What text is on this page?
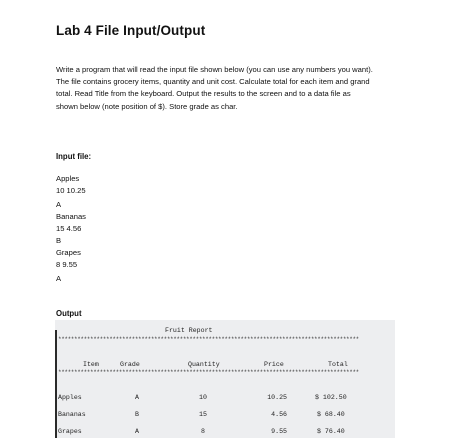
Lab 4 File Input/Output
Write a program that will read the input file shown below (you can use any numbers you want).
The file contains grocery items, quantity and unit cost. Calculate total for each item and grand
total. Read Title from the keyboard. Output the results to the screen and to a data file as
shown below (note position of $). Store grade as char.
Input file:
Apples
10 10.25
A
Bananas
15 4.56
B
Grapes
8 9.55
A
Output
Fruit Report
**********************************************************************************************
Item	Grade	Quantity	Price	Total
**********************************************************************************************
Apples	A	10	10.25	$ 102.50
Bananas	B	15	4.56	$ 68.40
Grapes	A	8	9.55	$ 76.40
